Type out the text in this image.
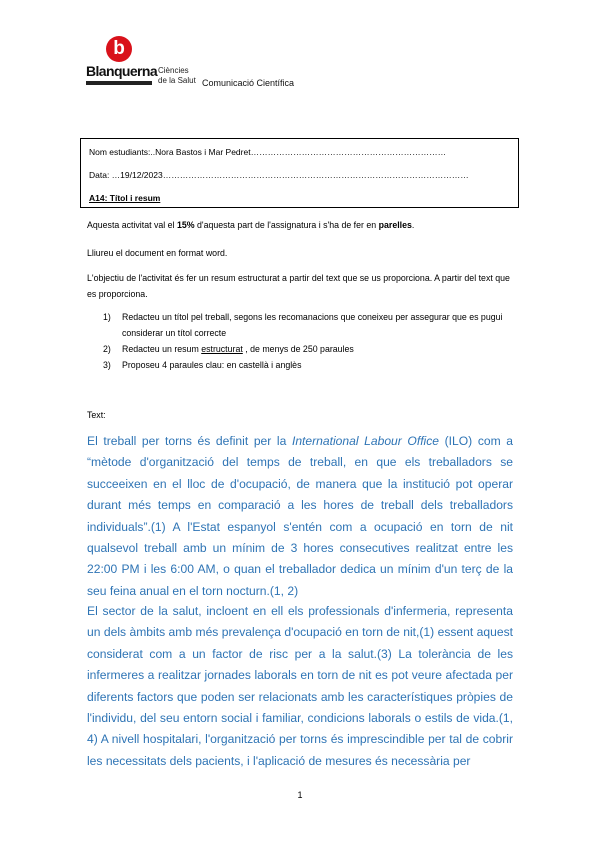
b
Blanquerna Ciències
de la Salut Comunicació Científica
Nom estudiants:..Nora Bastos i Mar Pedret……………………………………………………………
Data: …19/12/2023………………………………………………………………………………………………
A14: Títol i resum
Aquesta activitat val el 15% d'aquesta part de l'assignatura i s'ha de fer en parelles.
Lliureu el document en format word.
L'objectiu de l'activitat és fer un resum estructurat a partir del text que se us proporciona. A partir del text que es proporciona.
1) Redacteu un títol pel treball, segons les recomanacions que coneixeu per assegurar que es pugui considerar un títol correcte
2) Redacteu un resum estructurat , de menys de 250 paraules
3) Proposeu 4 paraules clau: en castellà i anglès
Text:
El treball per torns és definit per la International Labour Office (ILO) com a “mètode d'organització del temps de treball, en que els treballadors se succeeixen en el lloc de d'ocupació, de manera que la institució pot operar durant més temps en comparació a les hores de treball dels treballadors individuals”.(1) A l'Estat espanyol s'entén com a ocupació en torn de nit qualsevol treball amb un mínim de 3 hores consecutives realitzat entre les 22:00 PM i les 6:00 AM, o quan el treballador dedica un mínim d'un terç de la seu feina anual en el torn nocturn.(1, 2)
El sector de la salut, incloent en ell els professionals d'infermeria, representa un dels àmbits amb més prevalença d'ocupació en torn de nit,(1) essent aquest considerat com a un factor de risc per a la salut.(3) La tolerància de les infermeres a realitzar jornades laborals en torn de nit es pot veure afectada per diferents factors que poden ser relacionats amb les característiques pròpies de l'individu, del seu entorn social i familiar, condicions laborals o estils de vida.(1, 4) A nivell hospitalari, l'organització per torns és imprescindible per tal de cobrir les necessitats dels pacients, i l'aplicació de mesures és necessària per
1
